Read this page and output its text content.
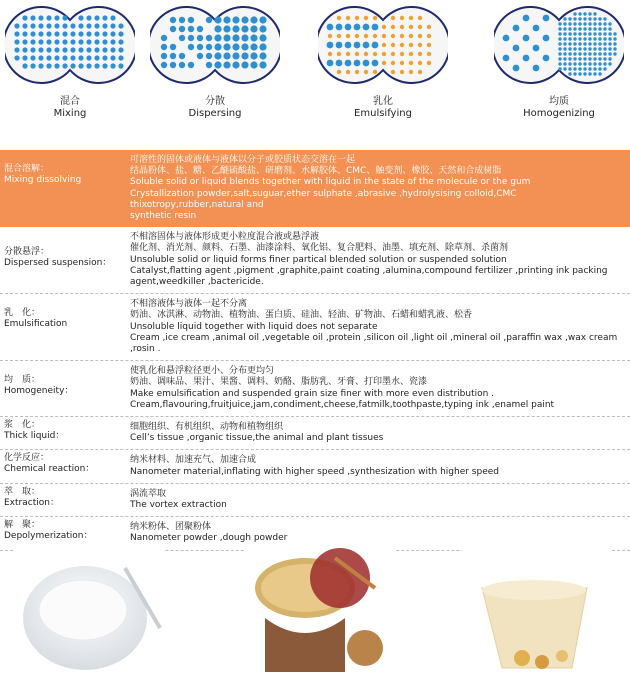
混合
Mixing
分散
Dispersing
乳化
Emulsifying
均质
Homogenizing
混合溶解：
Mixing dissolving
可溶性的固体或液体与液体以分子或胶质状态交溶在一起
结晶粉体、盐、糖、乙醚硫酸盐、研磨剂、水解胶体、CMC、触变剂、橡胶、天然和合成树脂
Soluble solid or liquid blends together with liquid in the state of the molecule or the gum
Crystallization powder,salt,suguar,ether sulphate ,abrasive ,hydrolysising colloid,CMC thixotropy,rubber,natural and
synthetic resin
分散悬浮：
Dispersed suspension：
不相溶固体与液体形成更小粒度混合液或悬浮液
催化剂、消光剂、颜料、石墨、油漆涂料、氧化铝、复合肥料、油墨、填充剂、除草剂、杀菌剂
Unsoluble solid or liquid forms finer partical blended solution or suspended solution
Catalyst,flatting agent ,pigment ,graphite,paint coating ,alumina,compound fertilizer ,printing ink packing
agent,weedkiller ,bactericide.
乳　化：
Emulsification
不相溶液体与液体一起不分离
奶油、冰淇淋、动物油、植物油、蛋白质、硅油、轻油、矿物油、石蜡和蜡乳液、松香
Unsoluble liquid together with liquid does not separate
Cream ,ice cream ,animal oil ,vegetable oil ,protein ,silicon oil ,light oil ,mineral oil ,paraffin wax ,wax cream ,rosin .
均　质：
Homogeneity：
使乳化和悬浮粒径更小、分布更均匀
奶油、调味品、果汁、果酱、调料、奶酪、脂肪乳、牙膏、打印墨水、瓷漆
Make emulsification and suspended grain size finer with more even distribution .
Cream,flavouring,fruitjuice,jam,condiment,cheese,fatmilk,toothpaste,typing ink ,enamel paint
浆　化：
Thick liquid：
细胞组织、有机组织、动物和植物组织
Cell’s tissue ,organic tissue,the animal and plant tissues
化学反应：
Chemical reaction：
纳米材料、加速充气、加速合成
Nanometer material,inflating with higher speed ,synthesization with higher speed
萃　取：
Extraction：
涡流萃取
The vortex extraction
解　聚：
Depolymerization：
纳米粉体、团聚粉体
Nanometer powder ,dough powder
